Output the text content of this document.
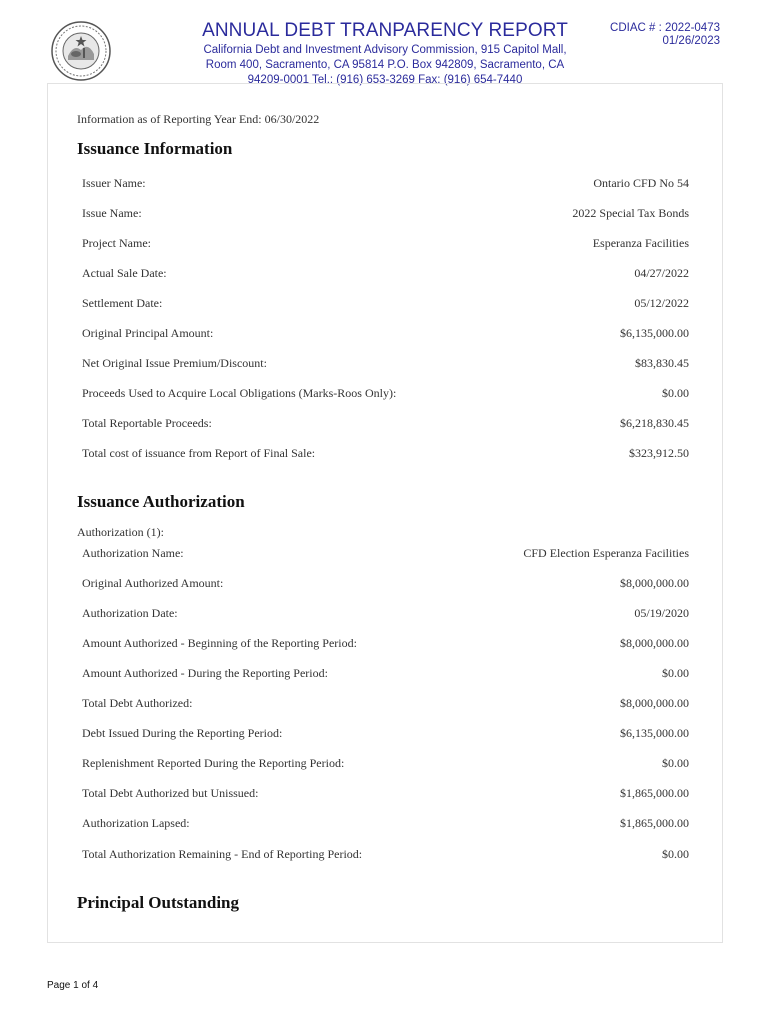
ANNUAL DEBT TRANPARENCY REPORT
California Debt and Investment Advisory Commission, 915 Capitol Mall,
Room 400, Sacramento, CA 95814 P.O. Box 942809, Sacramento, CA
94209-0001 Tel.: (916) 653-3269 Fax: (916) 654-7440
CDIAC # : 2022-0473
01/26/2023
Information as of Reporting Year End: 06/30/2022
Issuance Information
Issuer Name:	Ontario CFD No 54
Issue Name:	2022 Special Tax Bonds
Project Name:	Esperanza Facilities
Actual Sale Date:	04/27/2022
Settlement Date:	05/12/2022
Original Principal Amount:	$6,135,000.00
Net Original Issue Premium/Discount:	$83,830.45
Proceeds Used to Acquire Local Obligations (Marks-Roos Only):	$0.00
Total Reportable Proceeds:	$6,218,830.45
Total cost of issuance from Report of Final Sale:	$323,912.50
Issuance Authorization
Authorization (1):
Authorization Name:	CFD Election Esperanza Facilities
Original Authorized Amount:	$8,000,000.00
Authorization Date:	05/19/2020
Amount Authorized - Beginning of the Reporting Period:	$8,000,000.00
Amount Authorized - During the Reporting Period:	$0.00
Total Debt Authorized:	$8,000,000.00
Debt Issued During the Reporting Period:	$6,135,000.00
Replenishment Reported During the Reporting Period:	$0.00
Total Debt Authorized but Unissued:	$1,865,000.00
Authorization Lapsed:	$1,865,000.00
Total Authorization Remaining - End of Reporting Period:	$0.00
Principal Outstanding
Page 1 of 4
